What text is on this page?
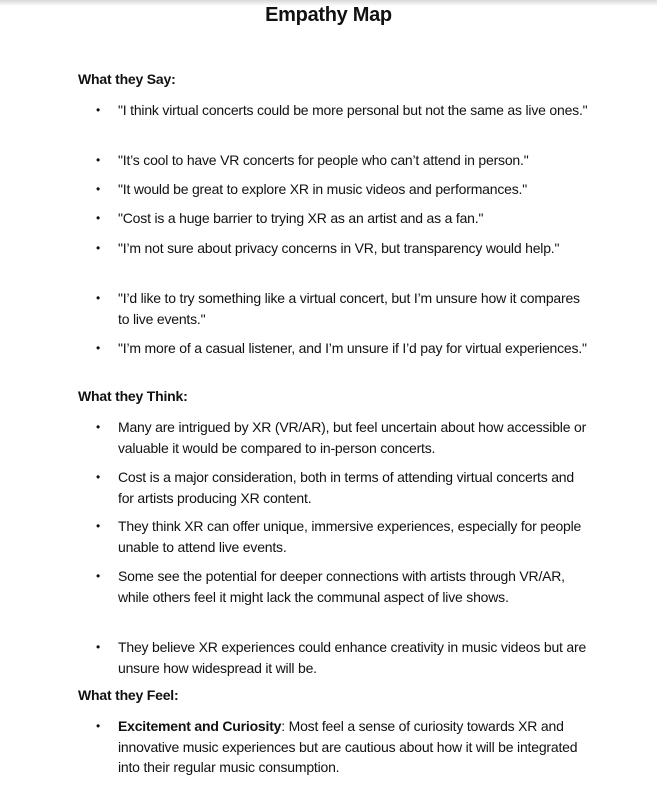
Empathy Map
What they Say:
• "I think virtual concerts could be more personal but not the same as live ones."
• "It’s cool to have VR concerts for people who can’t attend in person."
• "It would be great to explore XR in music videos and performances."
• "Cost is a huge barrier to trying XR as an artist and as a fan."
• "I’m not sure about privacy concerns in VR, but transparency would help."
• "I’d like to try something like a virtual concert, but I’m unsure how it compares to live events."
• "I’m more of a casual listener, and I’m unsure if I’d pay for virtual experiences."
What they Think:
• Many are intrigued by XR (VR/AR), but feel uncertain about how accessible or valuable it would be compared to in-person concerts.
• Cost is a major consideration, both in terms of attending virtual concerts and for artists producing XR content.
• They think XR can offer unique, immersive experiences, especially for people unable to attend live events.
• Some see the potential for deeper connections with artists through VR/AR, while others feel it might lack the communal aspect of live shows.
• They believe XR experiences could enhance creativity in music videos but are unsure how widespread it will be.
What they Feel:
• Excitement and Curiosity: Most feel a sense of curiosity towards XR and innovative music experiences but are cautious about how it will be integrated into their regular music consumption.
